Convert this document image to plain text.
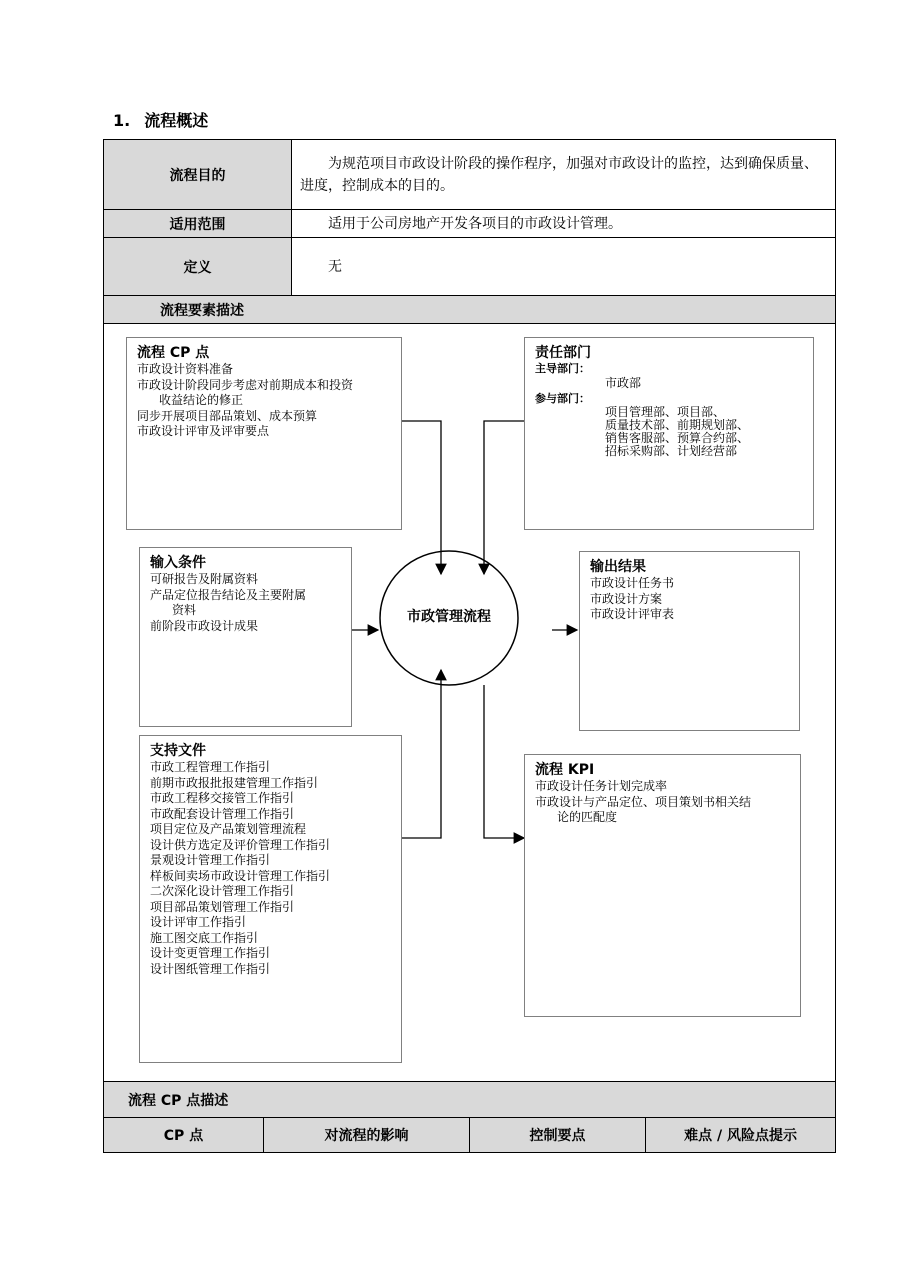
1. 流程概述
流程目的	为规范项目市政设计阶段的操作程序，加强对市政设计的监控，达到确保质量、进度，控制成本的目的。
适用范围	适用于公司房地产开发各项目的市政设计管理。
定义	无
流程要素描述	
市政管理流程
流程 CP 点
市政设计资料准备
市政设计阶段同步考虑对前期成本和投资
收益结论的修正
同步开展项目部品策划、成本预算
市政设计评审及评审要点
责任部门
主导部门：
市政部
参与部门：
项目管理部、项目部、
质量技术部、前期规划部、
销售客服部、预算合约部、
招标采购部、计划经营部
输入条件
可研报告及附属资料
产品定位报告结论及主要附属
资料
前阶段市政设计成果
输出结果
市政设计任务书
市政设计方案
市政设计评审表
支持文件
市政工程管理工作指引
前期市政报批报建管理工作指引
市政工程移交接管工作指引
市政配套设计管理工作指引
项目定位及产品策划管理流程
设计供方选定及评价管理工作指引
景观设计管理工作指引
样板间卖场市政设计管理工作指引
二次深化设计管理工作指引
项目部品策划管理工作指引
设计评审工作指引
施工图交底工作指引
设计变更管理工作指引
设计图纸管理工作指引
流程 KPI
市政设计任务计划完成率
市政设计与产品定位、项目策划书相关结
论的匹配度
流程 CP 点描述
CP 点	对流程的影响	控制要点	难点 / 风险点提示
